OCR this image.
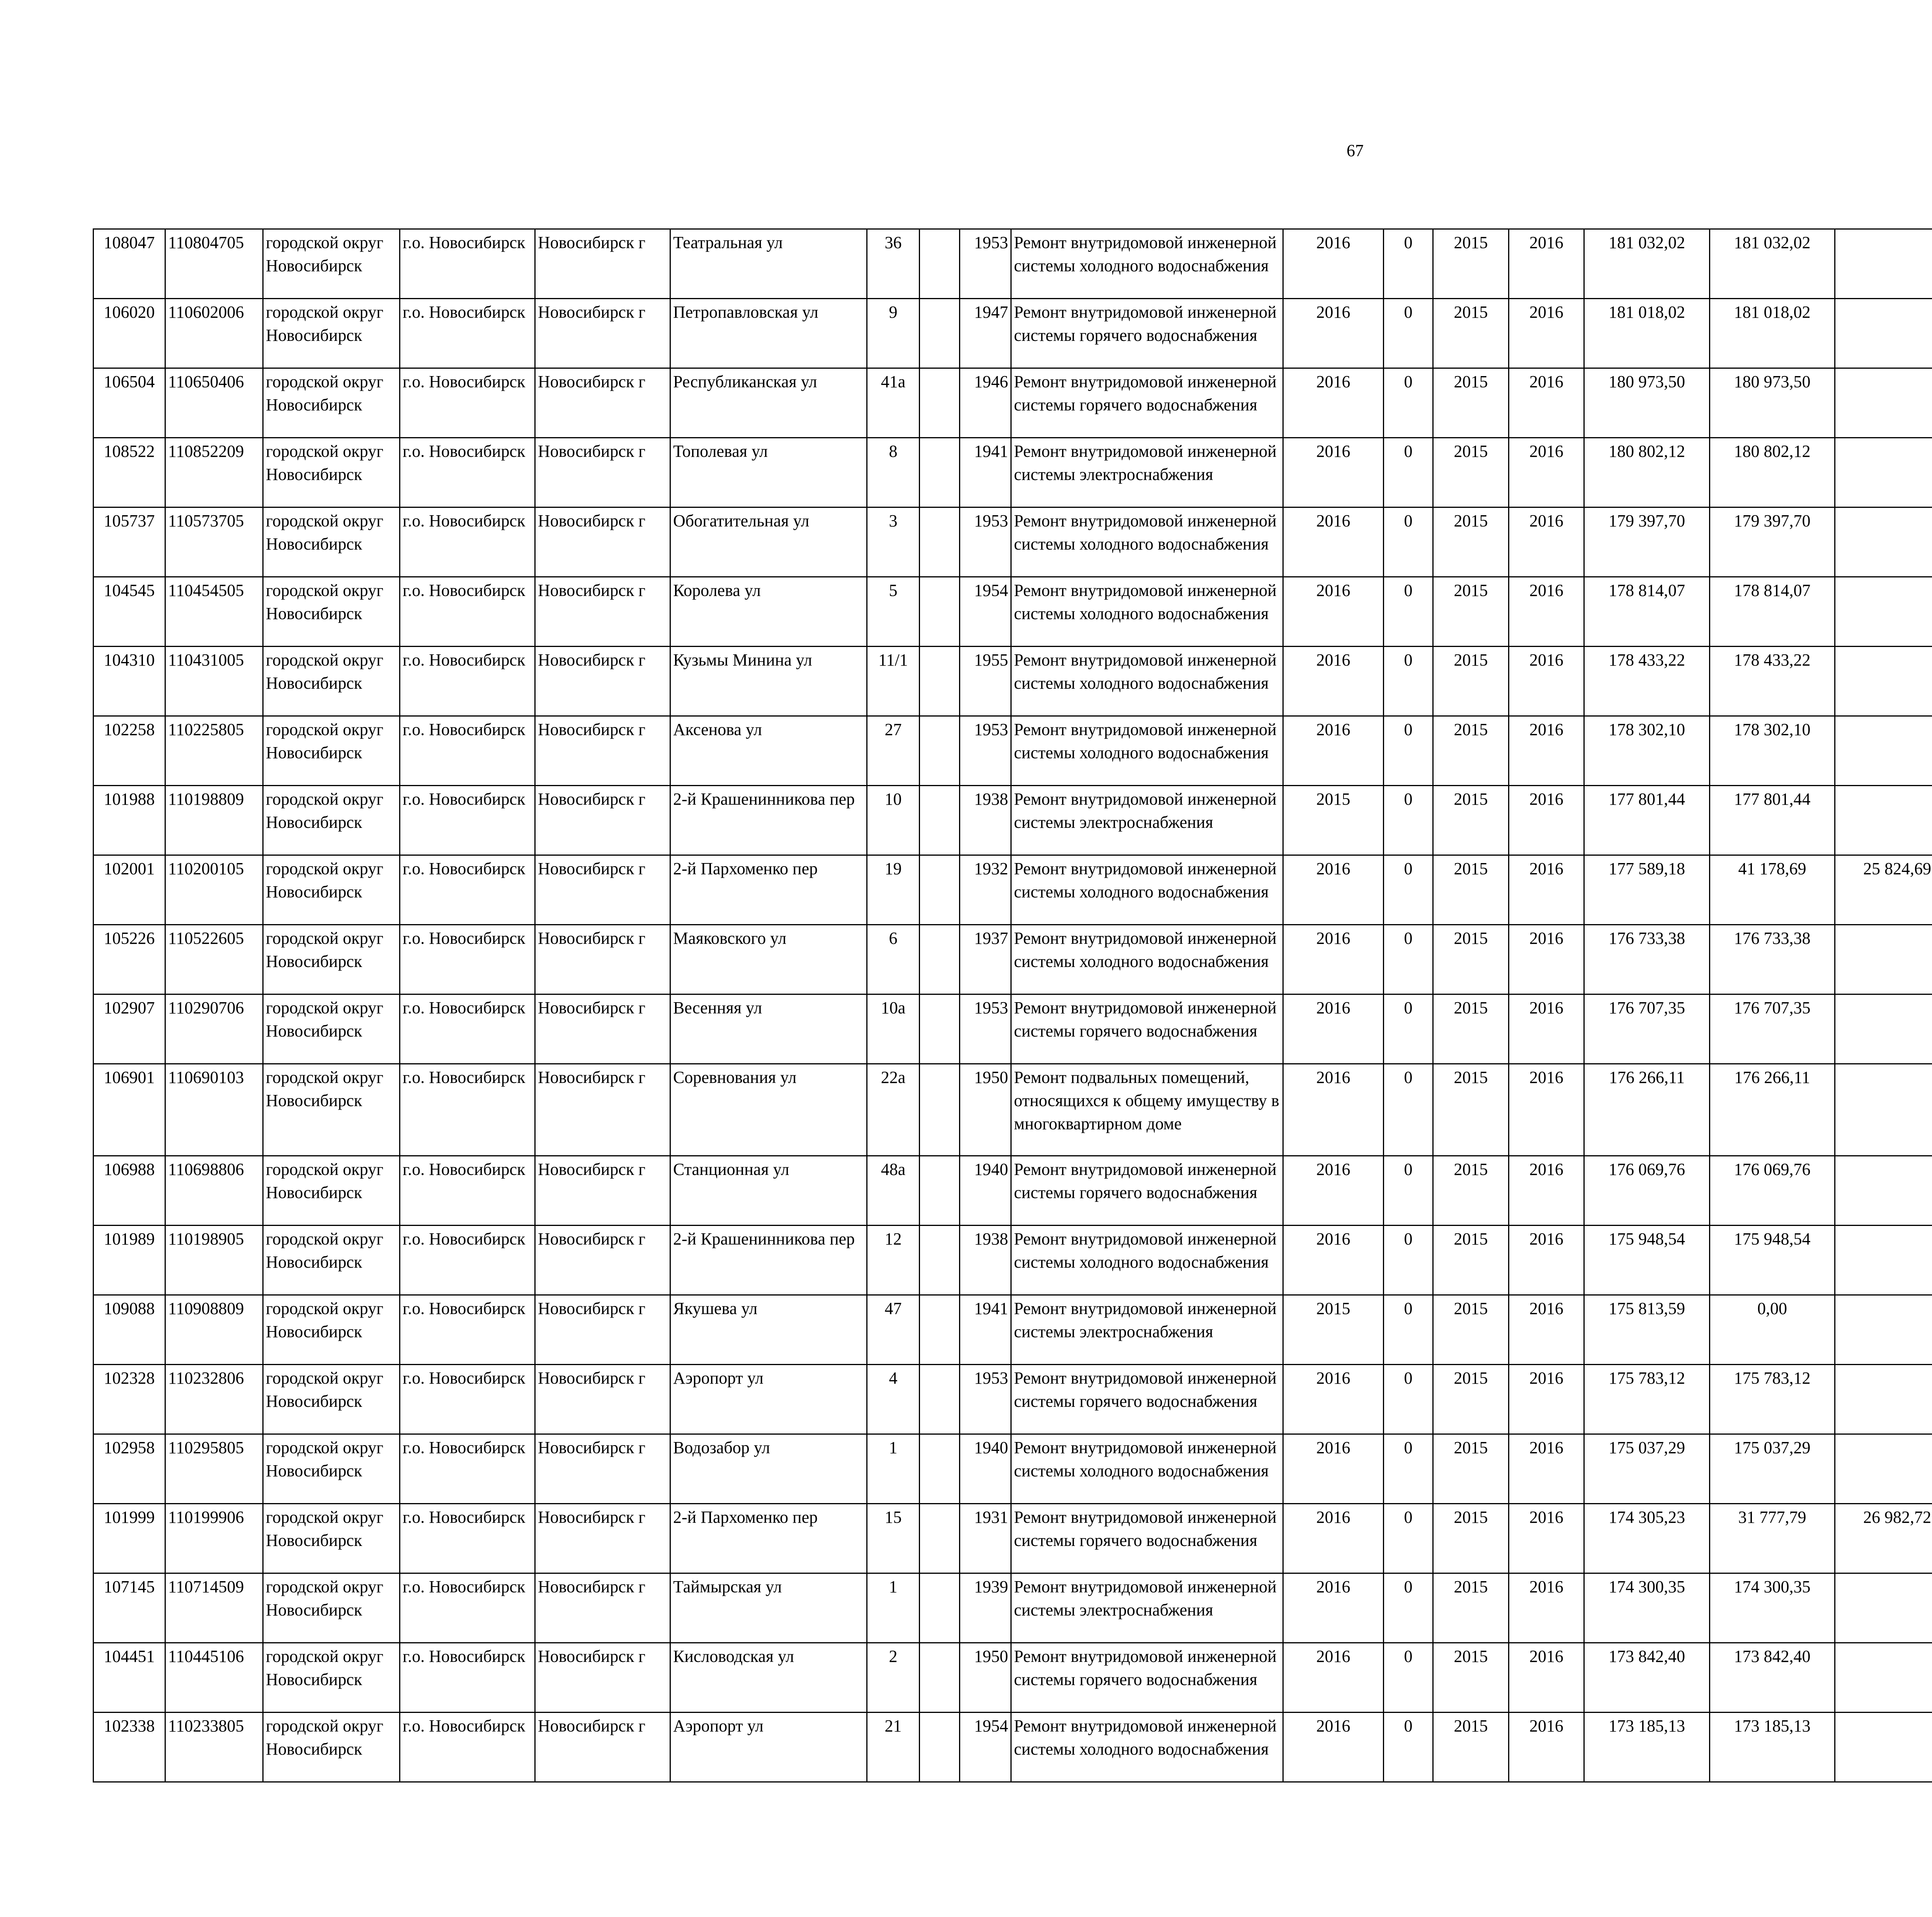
67
108047	110804705	городской округ Новосибирск	г.о. Новосибирск	Новосибирск г	Театральная ул	36		1953	Ремонт внутридомовой инженерной системы холодного водоснабжения	2016	0	2015	2016	181 032,02	181 032,02						
106020	110602006	городской округ Новосибирск	г.о. Новосибирск	Новосибирск г	Петропавловская ул	9		1947	Ремонт внутридомовой инженерной системы горячего водоснабжения	2016	0	2015	2016	181 018,02	181 018,02						
106504	110650406	городской округ Новосибирск	г.о. Новосибирск	Новосибирск г	Республиканская ул	41а		1946	Ремонт внутридомовой инженерной системы горячего водоснабжения	2016	0	2015	2016	180 973,50	180 973,50						
108522	110852209	городской округ Новосибирск	г.о. Новосибирск	Новосибирск г	Тополевая ул	8		1941	Ремонт внутридомовой инженерной системы электроснабжения	2016	0	2015	2016	180 802,12	180 802,12						
105737	110573705	городской округ Новосибирск	г.о. Новосибирск	Новосибирск г	Обогатительная ул	3		1953	Ремонт внутридомовой инженерной системы холодного водоснабжения	2016	0	2015	2016	179 397,70	179 397,70						
104545	110454505	городской округ Новосибирск	г.о. Новосибирск	Новосибирск г	Королева ул	5		1954	Ремонт внутридомовой инженерной системы холодного водоснабжения	2016	0	2015	2016	178 814,07	178 814,07						
104310	110431005	городской округ Новосибирск	г.о. Новосибирск	Новосибирск г	Кузьмы Минина ул	11/1		1955	Ремонт внутридомовой инженерной системы холодного водоснабжения	2016	0	2015	2016	178 433,22	178 433,22						
102258	110225805	городской округ Новосибирск	г.о. Новосибирск	Новосибирск г	Аксенова ул	27		1953	Ремонт внутридомовой инженерной системы холодного водоснабжения	2016	0	2015	2016	178 302,10	178 302,10						
101988	110198809	городской округ Новосибирск	г.о. Новосибирск	Новосибирск г	2-й Крашенинникова пер	10		1938	Ремонт внутридомовой инженерной системы электроснабжения	2015	0	2015	2016	177 801,44	177 801,44						
102001	110200105	городской округ Новосибирск	г.о. Новосибирск	Новосибирск г	2-й Пархоменко пер	19		1932	Ремонт внутридомовой инженерной системы холодного водоснабжения	2016	0	2015	2016	177 589,18	41 178,69	25 824,69					
105226	110522605	городской округ Новосибирск	г.о. Новосибирск	Новосибирск г	Маяковского ул	6		1937	Ремонт внутридомовой инженерной системы холодного водоснабжения	2016	0	2015	2016	176 733,38	176 733,38						
102907	110290706	городской округ Новосибирск	г.о. Новосибирск	Новосибирск г	Весенняя ул	10а		1953	Ремонт внутридомовой инженерной системы горячего водоснабжения	2016	0	2015	2016	176 707,35	176 707,35						
106901	110690103	городской округ Новосибирск	г.о. Новосибирск	Новосибирск г	Соревнования ул	22а		1950	Ремонт подвальных помещений, относящихся к общему имуществу в многоквартирном доме	2016	0	2015	2016	176 266,11	176 266,11						
106988	110698806	городской округ Новосибирск	г.о. Новосибирск	Новосибирск г	Станционная ул	48а		1940	Ремонт внутридомовой инженерной системы горячего водоснабжения	2016	0	2015	2016	176 069,76	176 069,76						
101989	110198905	городской округ Новосибирск	г.о. Новосибирск	Новосибирск г	2-й Крашенинникова пер	12		1938	Ремонт внутридомовой инженерной системы холодного водоснабжения	2016	0	2015	2016	175 948,54	175 948,54						
109088	110908809	городской округ Новосибирск	г.о. Новосибирск	Новосибирск г	Якушева ул	47		1941	Ремонт внутридомовой инженерной системы электроснабжения	2015	0	2015	2016	175 813,59	0,00						
102328	110232806	городской округ Новосибирск	г.о. Новосибирск	Новосибирск г	Аэропорт ул	4		1953	Ремонт внутридомовой инженерной системы горячего водоснабжения	2016	0	2015	2016	175 783,12	175 783,12						
102958	110295805	городской округ Новосибирск	г.о. Новосибирск	Новосибирск г	Водозабор ул	1		1940	Ремонт внутридомовой инженерной системы холодного водоснабжения	2016	0	2015	2016	175 037,29	175 037,29						
101999	110199906	городской округ Новосибирск	г.о. Новосибирск	Новосибирск г	2-й Пархоменко пер	15		1931	Ремонт внутридомовой инженерной системы горячего водоснабжения	2016	0	2015	2016	174 305,23	31 777,79	26 982,72					
107145	110714509	городской округ Новосибирск	г.о. Новосибирск	Новосибирск г	Таймырская ул	1		1939	Ремонт внутридомовой инженерной системы электроснабжения	2016	0	2015	2016	174 300,35	174 300,35						
104451	110445106	городской округ Новосибирск	г.о. Новосибирск	Новосибирск г	Кисловодская ул	2		1950	Ремонт внутридомовой инженерной системы горячего водоснабжения	2016	0	2015	2016	173 842,40	173 842,40						
102338	110233805	городской округ Новосибирск	г.о. Новосибирск	Новосибирск г	Аэропорт ул	21		1954	Ремонт внутридомовой инженерной системы холодного водоснабжения	2016	0	2015	2016	173 185,13	173 185,13						
